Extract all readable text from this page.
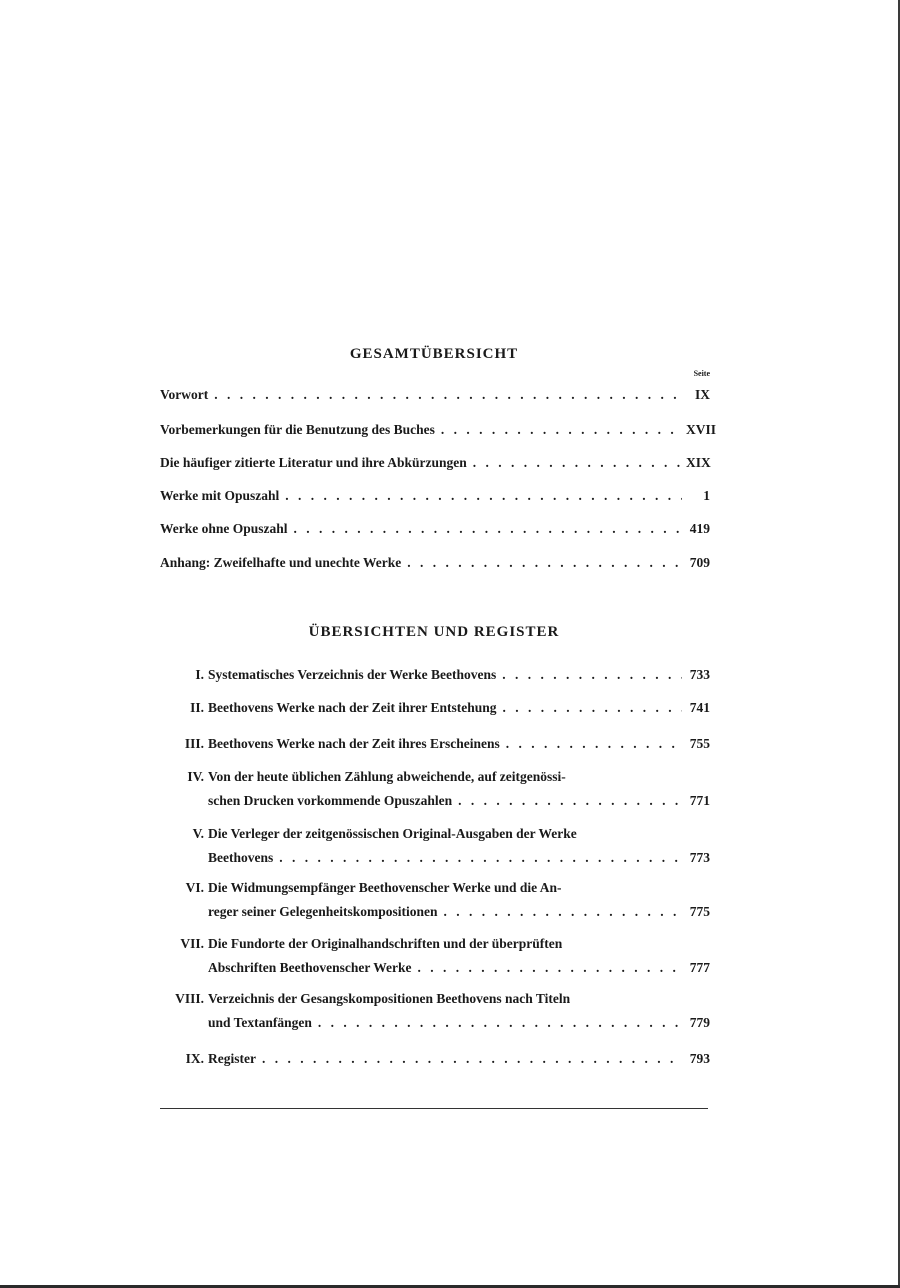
GESAMTÜBERSICHT
Seite
Vorwort . . .	IX
Vorbemerkungen für die Benutzung des Buches . . .	XVII
Die häufiger zitierte Literatur und ihre Abkürzungen . . .	XIX
Werke mit Opuszahl . . .	1
Werke ohne Opuszahl . . .	419
Anhang: Zweifelhafte und unechte Werke . . .	709
ÜBERSICHTEN UND REGISTER
I. Systematisches Verzeichnis der Werke Beethovens . . .	733
II. Beethovens Werke nach der Zeit ihrer Entstehung . . .	741
III. Beethovens Werke nach der Zeit ihres Erscheinens . . .	755
IV. Von der heute üblichen Zählung abweichende, auf zeitgenössi-
schen Drucken vorkommende Opuszahlen . . .	771
V. Die Verleger der zeitgenössischen Original-Ausgaben der Werke
Beethovens . . .	773
VI. Die Widmungsempfänger Beethovenscher Werke und die An-
reger seiner Gelegenheitskompositionen . . .	775
VII. Die Fundorte der Originalhandschriften und der überprüften
Abschriften Beethovenscher Werke . . .	777
VIII. Verzeichnis der Gesangskompositionen Beethovens nach Titeln
und Textanfängen . . .	779
IX. Register . . .	793
